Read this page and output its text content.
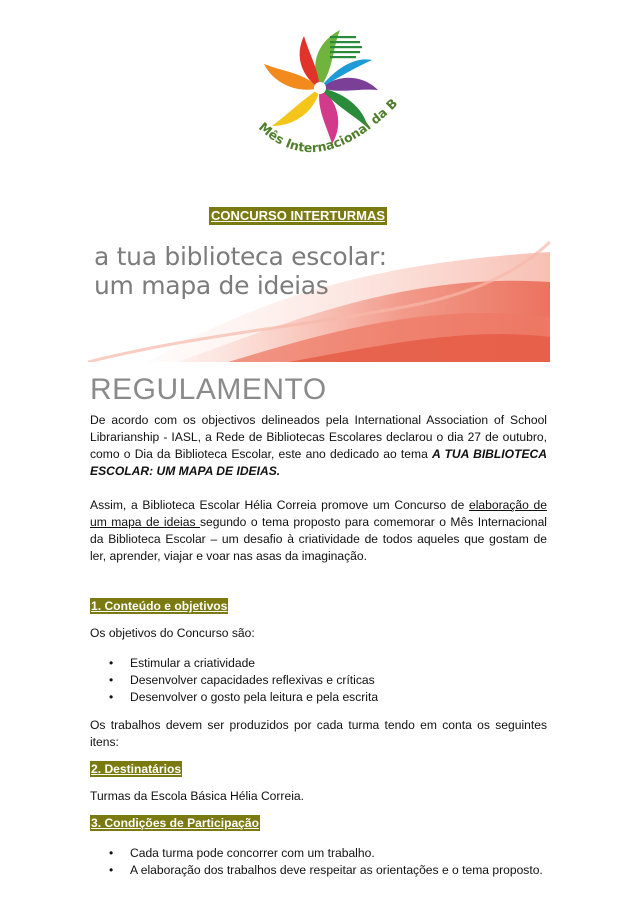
Mês Internacional da B
CONCURSO INTERTURMAS
a tua biblioteca escolar:
um mapa de ideias
REGULAMENTO

De acordo com os objectivos delineados pela International Association of School Librarianship - IASL, a Rede de Bibliotecas Escolares declarou o dia 27 de outubro, como o Dia da Biblioteca Escolar, este ano dedicado ao tema A TUA BIBLIOTECA ESCOLAR: UM MAPA DE IDEIAS.

Assim, a Biblioteca Escolar Hélia Correia promove um Concurso de elaboração de um mapa de ideias segundo o tema proposto para comemorar o Mês Internacional da Biblioteca Escolar – um desafio à criatividade de todos aqueles que gostam de ler, aprender, viajar e voar nas asas da imaginação.

1. Conteúdo e objetivos

Os objetivos do Concurso são:

• Estimular a criatividade
• Desenvolver capacidades reflexivas e críticas
• Desenvolver o gosto pela leitura e pela escrita

Os trabalhos devem ser produzidos por cada turma tendo em conta os seguintes itens:

2. Destinatários

Turmas da Escola Básica Hélia Correia.

3. Condições de Participação
• Cada turma pode concorrer com um trabalho.
• A elaboração dos trabalhos deve respeitar as orientações e o tema proposto.
